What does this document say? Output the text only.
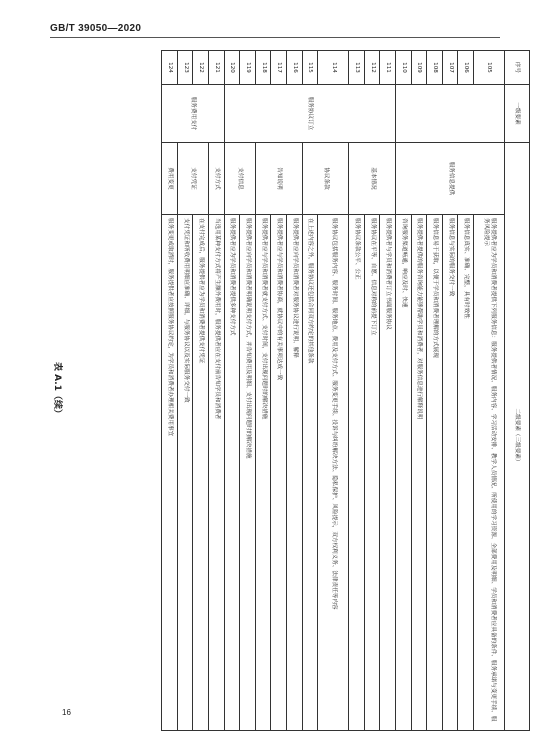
GB/T 39050—2020
序号	一级要素	二级要素（三级要素）	
105		服务信息提供	服务提供者应为学员和消费者提供下列服务信息：服务提供者情况、服务内容、学习活动安排、教学人员情况、所使用的学习资源、全部费用及明细、学员和消费者应具备的条件、服务承诺与变更手续、服务风险提示
106			服务信息真实、准确、完整，具有时效性
107			服务信息与实际的服务交付一致
108			服务信息易于获取，以便于学员和消费者理解的方式展现
109			服务提供者提供的服务咨询能力能够帮助学员和消费者，对服务信息进行解释说明
110			咨询服务渠道畅通，响应及时、快速
111	服务协议订立	基本情况	服务提供者与学员和消费者订立书面服务协议
112			服务协议在平等、自愿、信息对称的前提下订立
113			服务协议条款公平、公正
114		协议条款	服务协议包括服务内容、服务时间、服务地点、费用及支付方式、服务变更手续、投诉与纠纷解决方法、隐私保护、风险提示，双方权利义务、法律责任等内容
115			在上述内容之外，服务协议还包括合同双方约定的其他条款
116		告知说明	服务提供者应向学员和消费者对服务协议进行说明、解释
117			服务提供者应与学员和消费者协商，就协议中的有关事项达成一致
118			服务提供者应与学员和消费者就支付方式、支付时间，支付出现问题时的解决措施
119		支付信息	服务提供者应向学员和消费者明确说明支付方式，并告知费用及明细、支付出现问题时的解决措施
120			服务提供者应为学员和消费者提供多种支付方式
121	服务费用支付	支付方式	当选用某种支付方式将产生额外费用时，服务提供者应在支付前告知学员和消费者
122		支付凭证	在支付完成后，服务提供者应为学员和消费者提供支付凭证
123			支付凭证和所收费用明细应准确、详细，与服务协议以及实际服务交付一致
124		费用变更	服务变更或取消时，服务提供者应按照服务协议约定，为学员和消费者办理相关费用事宜
表 A.1（续）
16
